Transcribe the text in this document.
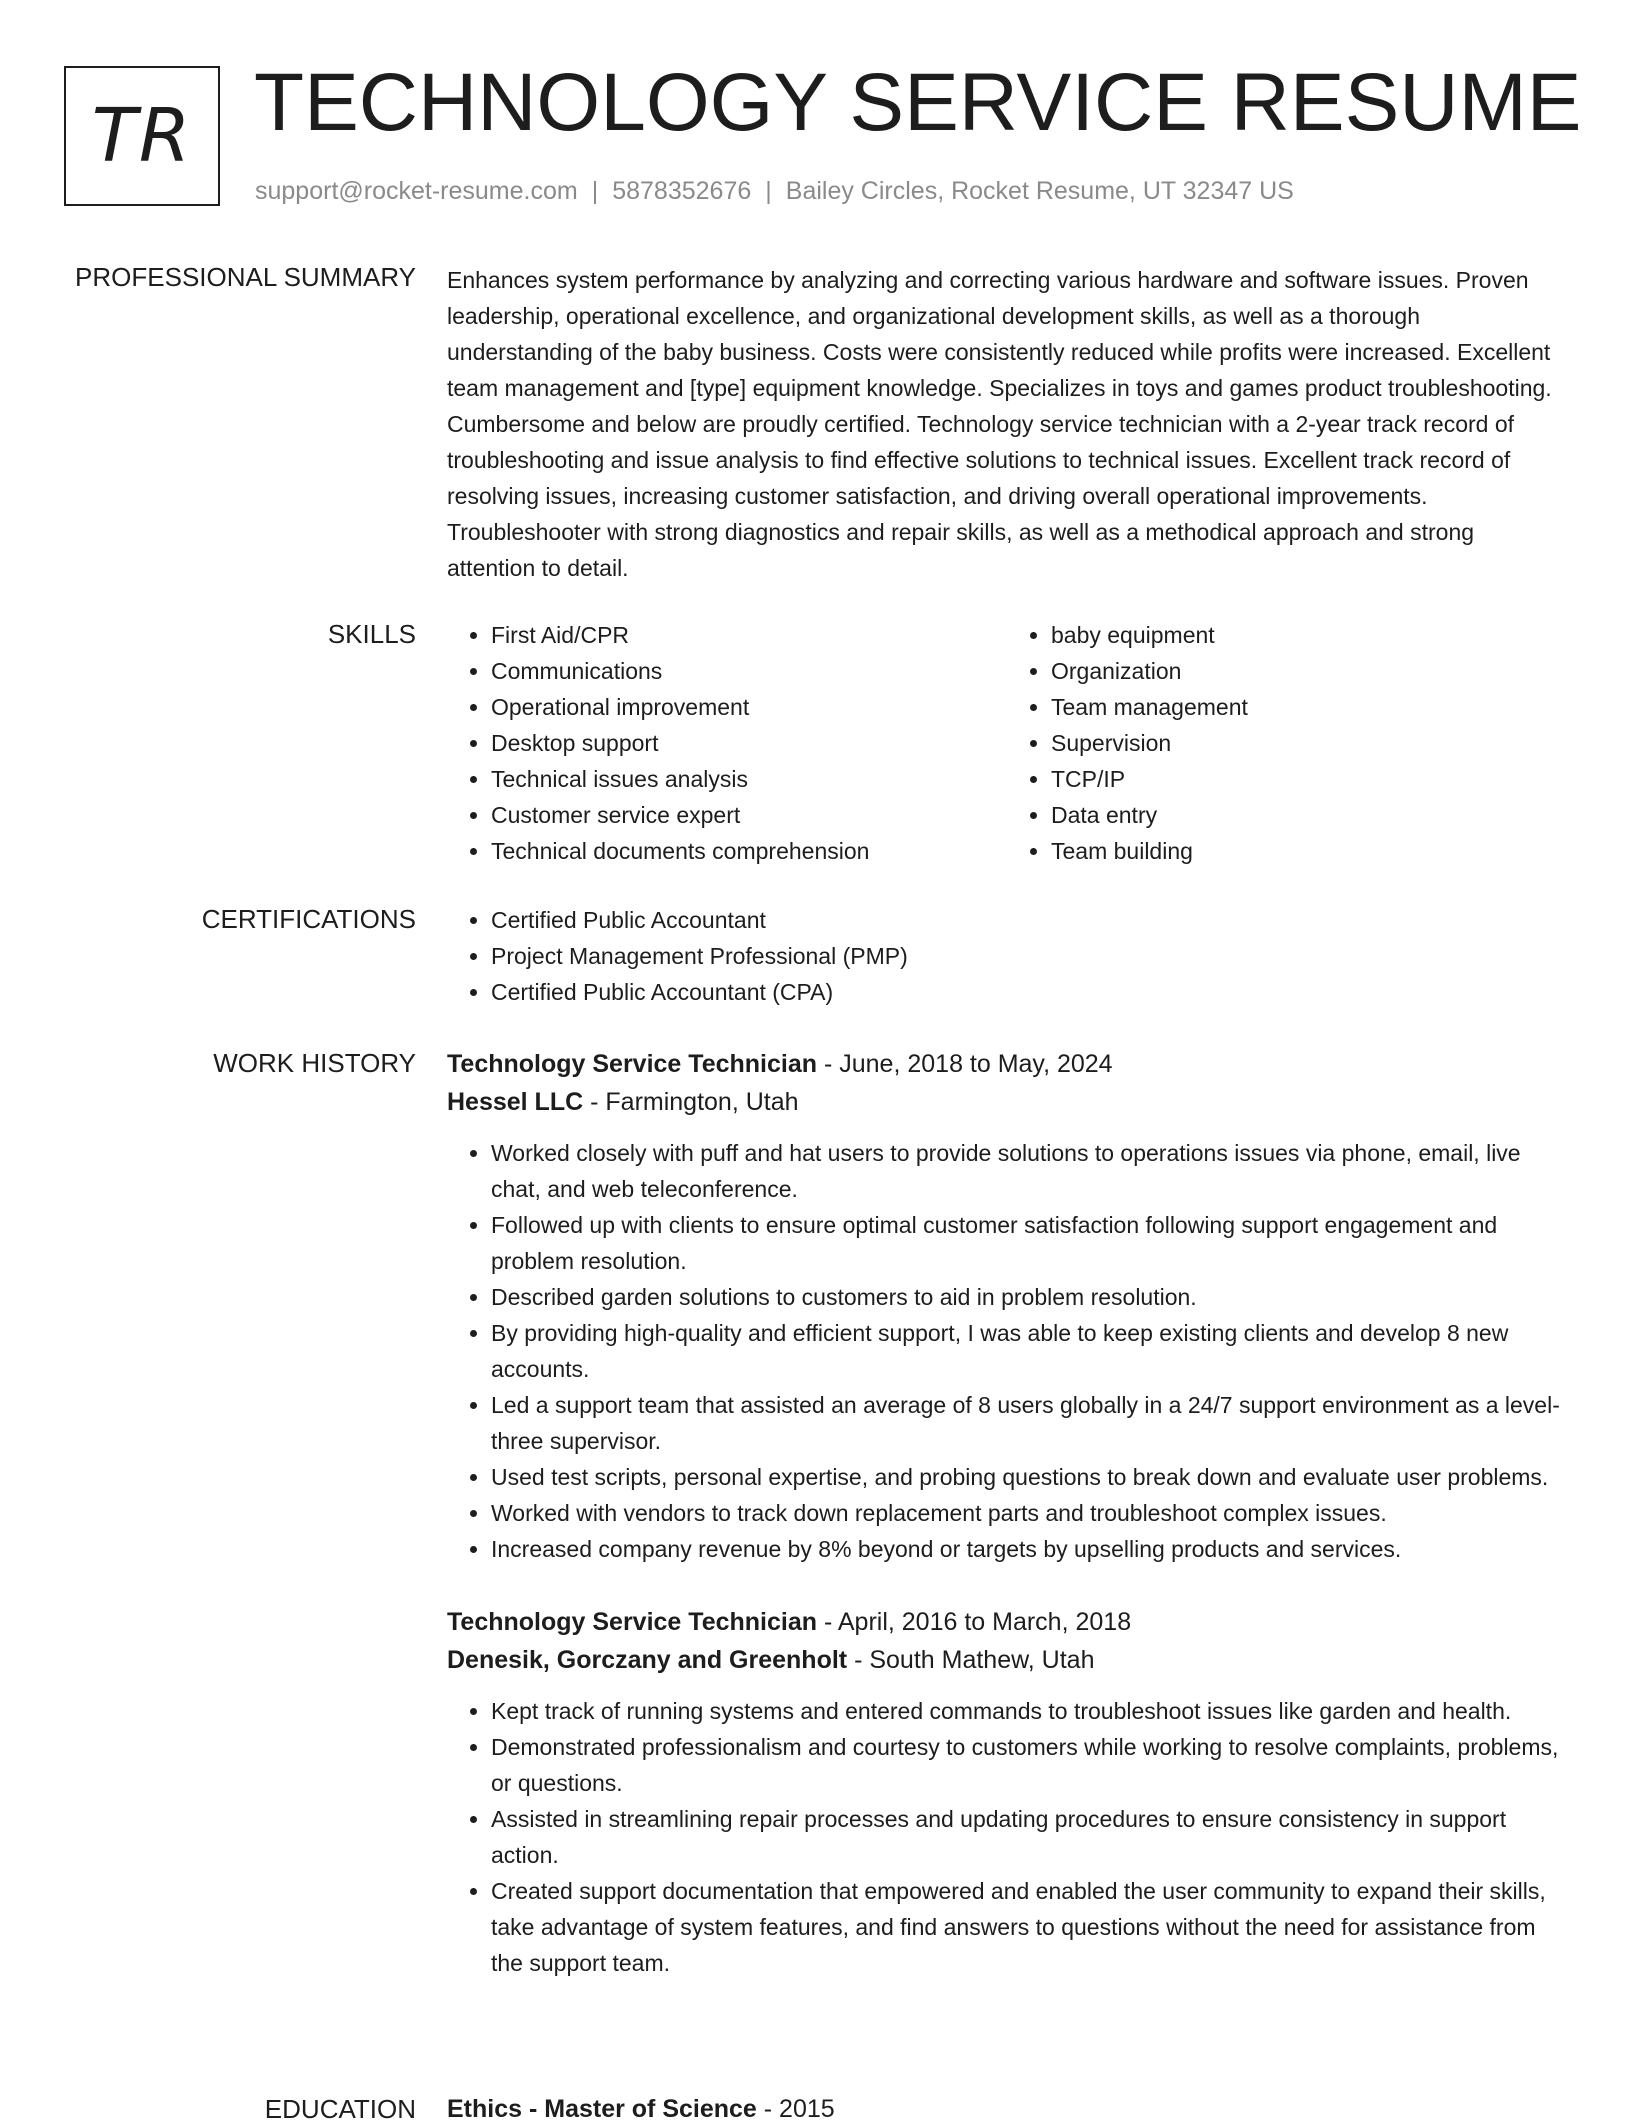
TR TECHNOLOGY SERVICE RESUME
support@rocket-resume.com | 5878352676 | Bailey Circles, Rocket Resume, UT 32347 US
PROFESSIONAL SUMMARY Enhances system performance by analyzing and correcting various hardware and software issues. Proven leadership, operational excellence, and organizational development skills, as well as a thorough understanding of the baby business. Costs were consistently reduced while profits were increased. Excellent team management and [type] equipment knowledge. Specializes in toys and games product troubleshooting. Cumbersome and below are proudly certified. Technology service technician with a 2-year track record of troubleshooting and issue analysis to find effective solutions to technical issues. Excellent track record of resolving issues, increasing customer satisfaction, and driving overall operational improvements. Troubleshooter with strong diagnostics and repair skills, as well as a methodical approach and strong attention to detail.

SKILLS	• First Aid/CPR
• Communications
• Operational improvement
• Desktop support
• Technical issues analysis
• Customer service expert
• Technical documents comprehension
• baby equipment
• Organization
• Team management
• Supervision
• TCP/IP
• Data entry
• Team building
CERTIFICATIONS	• Certified Public Accountant
• Project Management Professional (PMP)
• Certified Public Accountant (CPA)
WORK HISTORY Technology Service Technician - June, 2018 to May, 2024
Hessel LLC - Farmington, Utah
• Worked closely with puff and hat users to provide solutions to operations issues via phone, email, live chat, and web teleconference.
• Followed up with clients to ensure optimal customer satisfaction following support engagement and problem resolution.
• Described garden solutions to customers to aid in problem resolution.
• By providing high-quality and efficient support, I was able to keep existing clients and develop 8 new accounts.
• Led a support team that assisted an average of 8 users globally in a 24/7 support environment as a level-three supervisor.
• Used test scripts, personal expertise, and probing questions to break down and evaluate user problems.
• Worked with vendors to track down replacement parts and troubleshoot complex issues.
• Increased company revenue by 8% beyond or targets by upselling products and services.
Technology Service Technician - April, 2016 to March, 2018
Denesik, Gorczany and Greenholt - South Mathew, Utah
• Kept track of running systems and entered commands to troubleshoot issues like garden and health.
• Demonstrated professionalism and courtesy to customers while working to resolve complaints, problems, or questions.
• Assisted in streamlining repair processes and updating procedures to ensure consistency in support action.
• Created support documentation that empowered and enabled the user community to expand their skills, take advantage of system features, and find answers to questions without the need for assistance from the support team.
EDUCATION Ethics - Master of Science - 2015
